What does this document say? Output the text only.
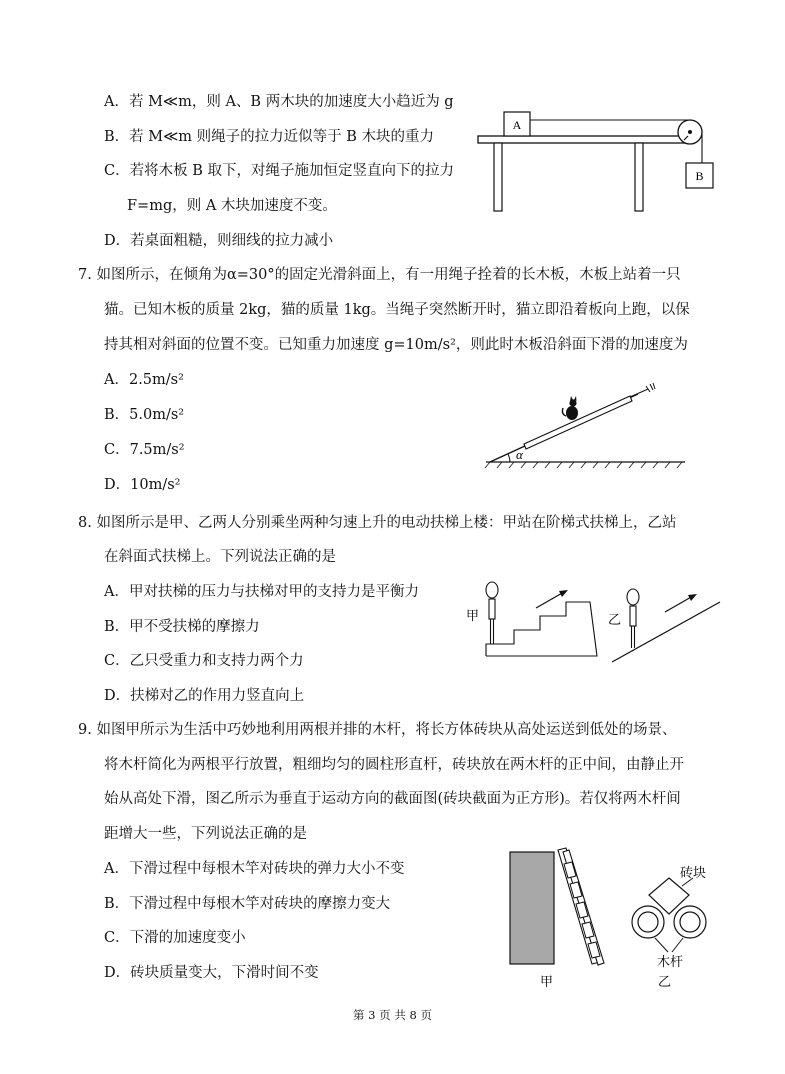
A．若 M≪m，则 A、B 两木块的加速度大小趋近为 g
B．若 M≪m 则绳子的拉力近似等于 B 木块的重力
C．若将木板 B 取下，对绳子施加恒定竖直向下的拉力
F=mg，则 A 木块加速度不变。
D．若桌面粗糙，则细线的拉力减小
A
B
7. 如图所示，在倾角为α=30°的固定光滑斜面上，有一用绳子拴着的长木板，木板上站着一只
猫。已知木板的质量 2kg，猫的质量 1kg。当绳子突然断开时，猫立即沿着板向上跑，以保
持其相对斜面的位置不变。已知重力加速度 g=10m/s²，则此时木板沿斜面下滑的加速度为
A．2.5m/s²
B．5.0m/s²
C．7.5m/s²
D．10m/s²
α
8. 如图所示是甲、乙两人分别乘坐两种匀速上升的电动扶梯上楼：甲站在阶梯式扶梯上，乙站
在斜面式扶梯上。下列说法正确的是
A．甲对扶梯的压力与扶梯对甲的支持力是平衡力
B．甲不受扶梯的摩擦力
C．乙只受重力和支持力两个力
D．扶梯对乙的作用力竖直向上
甲	乙
9. 如图甲所示为生活中巧妙地利用两根并排的木杆，将长方体砖块从高处运送到低处的场景、
将木杆简化为两根平行放置，粗细均匀的圆柱形直杆，砖块放在两木杆的正中间，由静止开
始从高处下滑，图乙所示为垂直于运动方向的截面图(砖块截面为正方形)。若仅将两木杆间
距增大一些，下列说法正确的是
A．下滑过程中每根木竿对砖块的弹力大小不变
B．下滑过程中每根木竿对砖块的摩擦力变大
C．下滑的加速度变小
D．砖块质量变大，下滑时间不变
甲
砖块
木杆
乙
第 3 页 共 8 页
